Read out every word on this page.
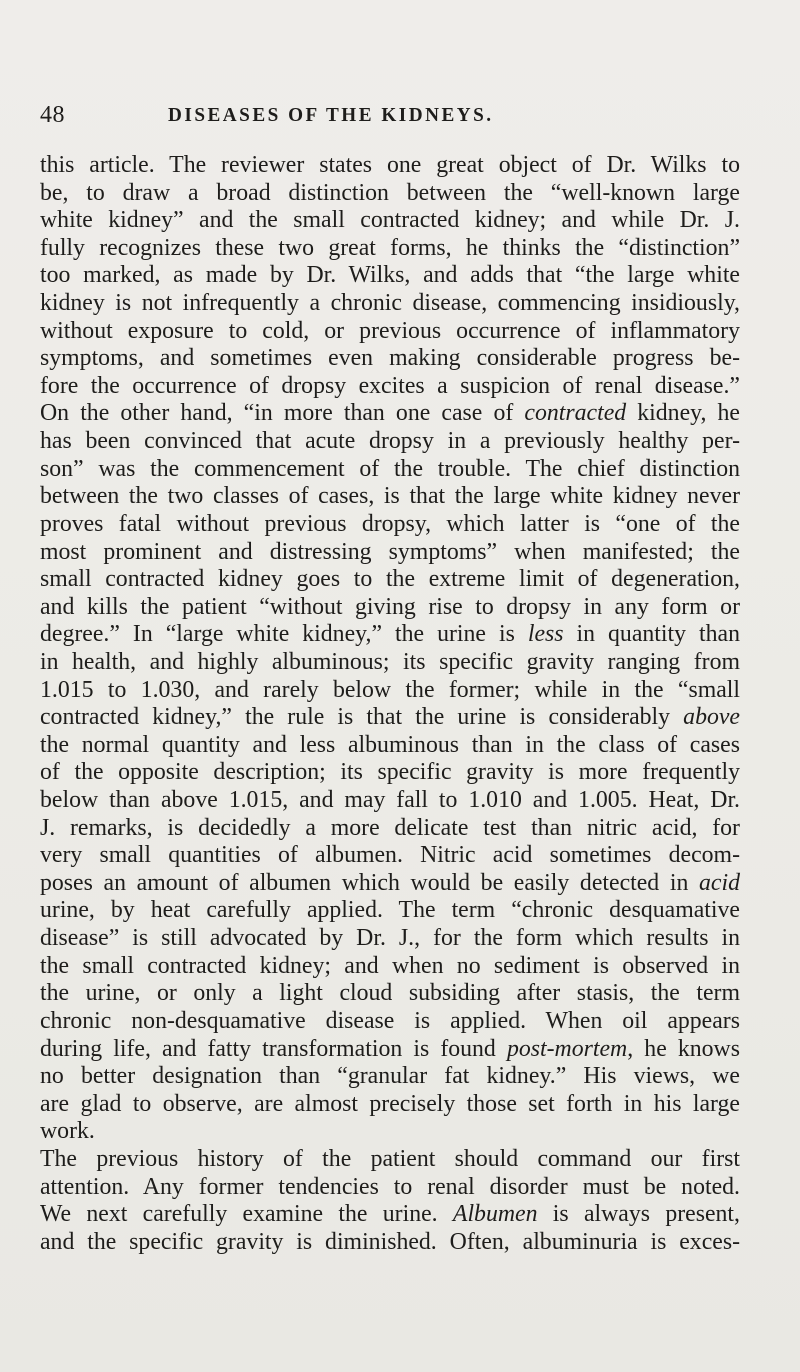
48	DISEASES OF THE KIDNEYS.
this article. The reviewer states one great object of Dr. Wilks to
be, to draw a broad distinction between the “well-known large
white kidney” and the small contracted kidney; and while Dr. J.
fully recognizes these two great forms, he thinks the “distinction”
too marked, as made by Dr. Wilks, and adds that “the large white
kidney is not infrequently a chronic disease, commencing insidiously,
without exposure to cold, or previous occurrence of inflammatory
symptoms, and sometimes even making considerable progress be-
fore the occurrence of dropsy excites a suspicion of renal disease.”
On the other hand, “in more than one case of contracted kidney, he
has been convinced that acute dropsy in a previously healthy per-
son” was the commencement of the trouble. The chief distinction
between the two classes of cases, is that the large white kidney never
proves fatal without previous dropsy, which latter is “one of the
most prominent and distressing symptoms” when manifested; the
small contracted kidney goes to the extreme limit of degeneration,
and kills the patient “without giving rise to dropsy in any form or
degree.” In “large white kidney,” the urine is less in quantity than
in health, and highly albuminous; its specific gravity ranging from
1.015 to 1.030, and rarely below the former; while in the “small
contracted kidney,” the rule is that the urine is considerably above
the normal quantity and less albuminous than in the class of cases
of the opposite description; its specific gravity is more frequently
below than above 1.015, and may fall to 1.010 and 1.005. Heat, Dr.
J. remarks, is decidedly a more delicate test than nitric acid, for
very small quantities of albumen. Nitric acid sometimes decom-
poses an amount of albumen which would be easily detected in acid
urine, by heat carefully applied. The term “chronic desquamative
disease” is still advocated by Dr. J., for the form which results in
the small contracted kidney; and when no sediment is observed in
the urine, or only a light cloud subsiding after stasis, the term
chronic non-desquamative disease is applied. When oil appears
during life, and fatty transformation is found post-mortem, he knows
no better designation than “granular fat kidney.” His views, we
are glad to observe, are almost precisely those set forth in his large
work.
The previous history of the patient should command our first
attention. Any former tendencies to renal disorder must be noted.
We next carefully examine the urine. Albumen is always present,
and the specific gravity is diminished. Often, albuminuria is exces-
